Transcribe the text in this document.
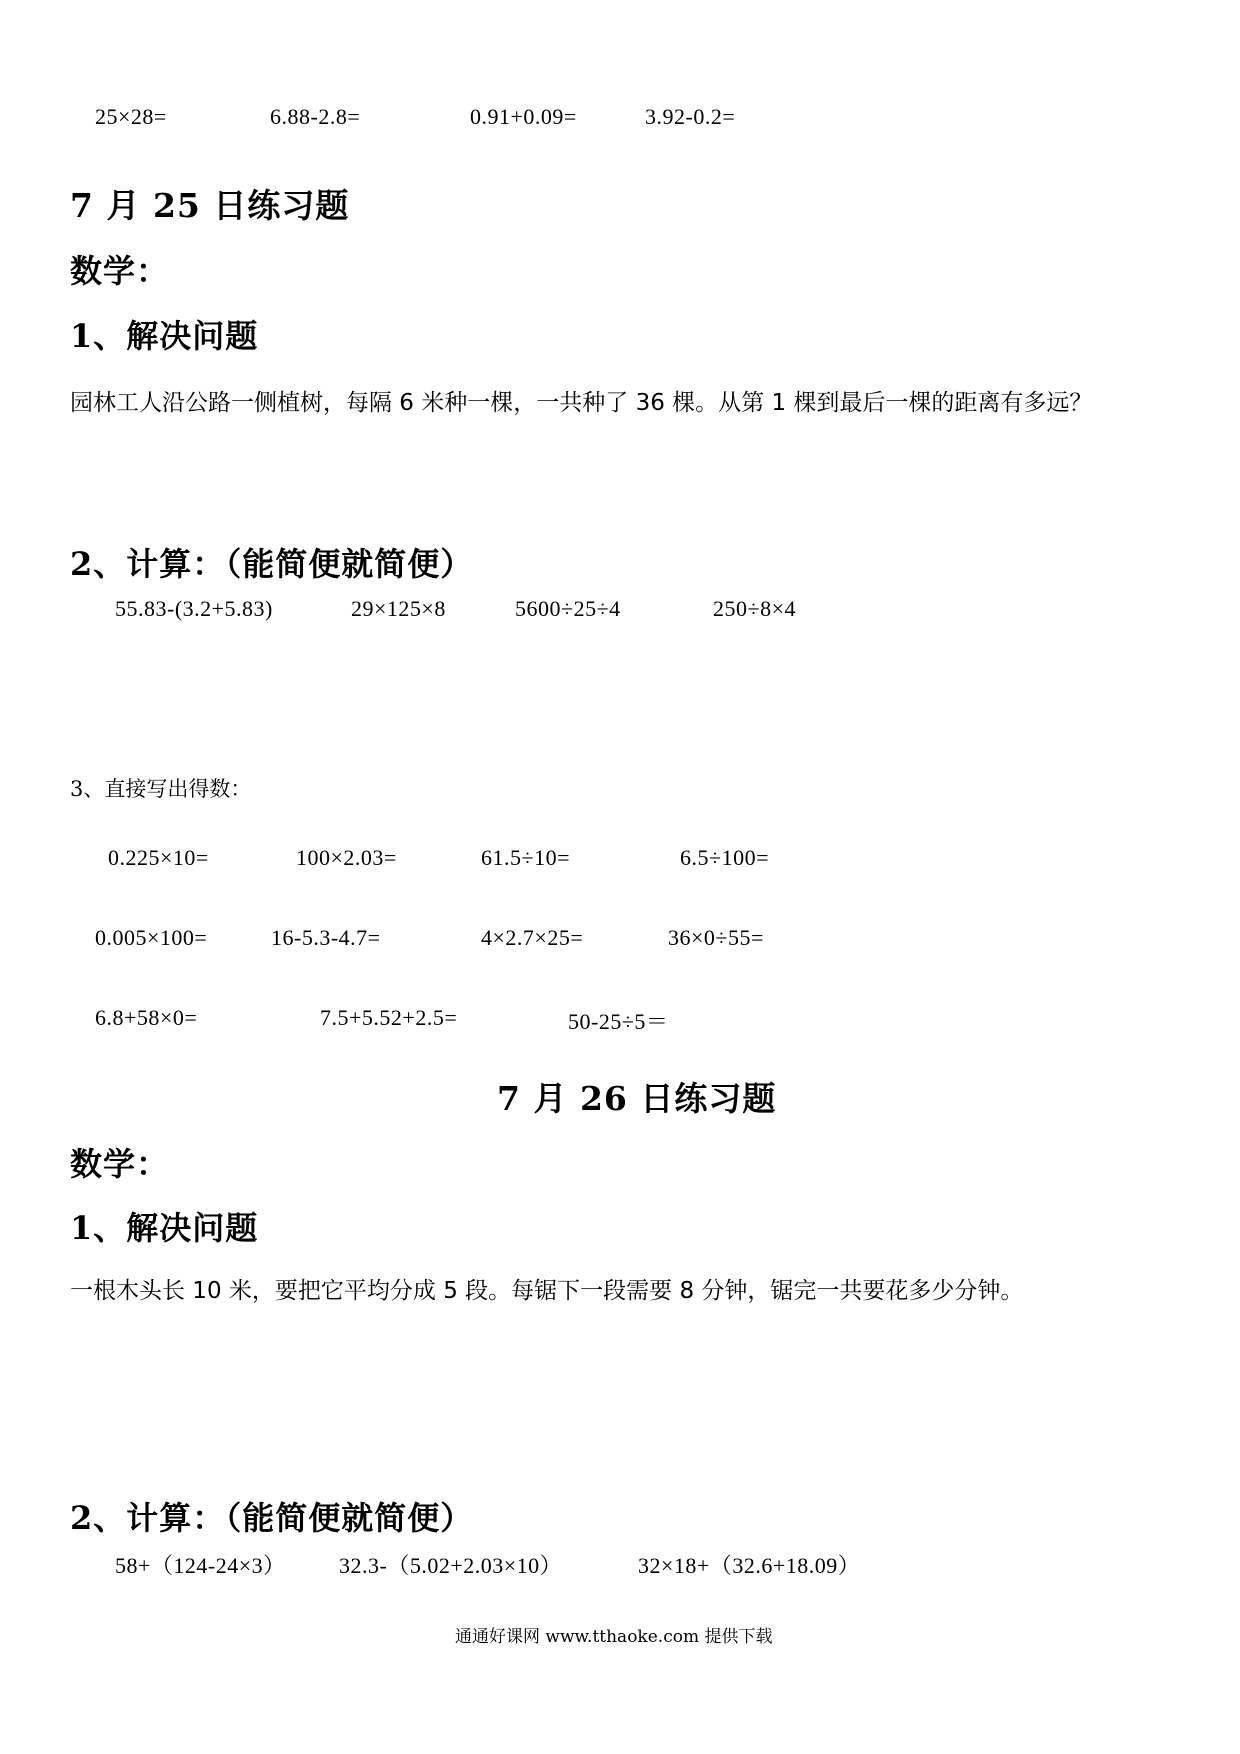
25×28=	6.88-2.8=	0.91+0.09=	3.92-0.2=
7 月 25 日练习题
数学：
1、解决问题
园林工人沿公路一侧植树，每隔 6 米种一棵，一共种了 36 棵。从第 1 棵到最后一棵的距离有多远？
2、计算：（能简便就简便）
55.83-(3.2+5.83)	29×125×8	5600÷25÷4	250÷8×4
3、直接写出得数：
0.225×10=	100×2.03=	61.5÷10=	6.5÷100=
0.005×100=	16-5.3-4.7=	4×2.7×25=	36×0÷55=
6.8+58×0=	7.5+5.52+2.5=	50-25÷5＝
7 月 26 日练习题
数学：
1、解决问题
一根木头长 10 米，要把它平均分成 5 段。每锯下一段需要 8 分钟，锯完一共要花多少分钟。
2、计算：（能简便就简便）
58+（124-24×3） 32.3-（5.02+2.03×10）	32×18+（32.6+18.09）
通通好课网 www.tthaoke.com 提供下载
